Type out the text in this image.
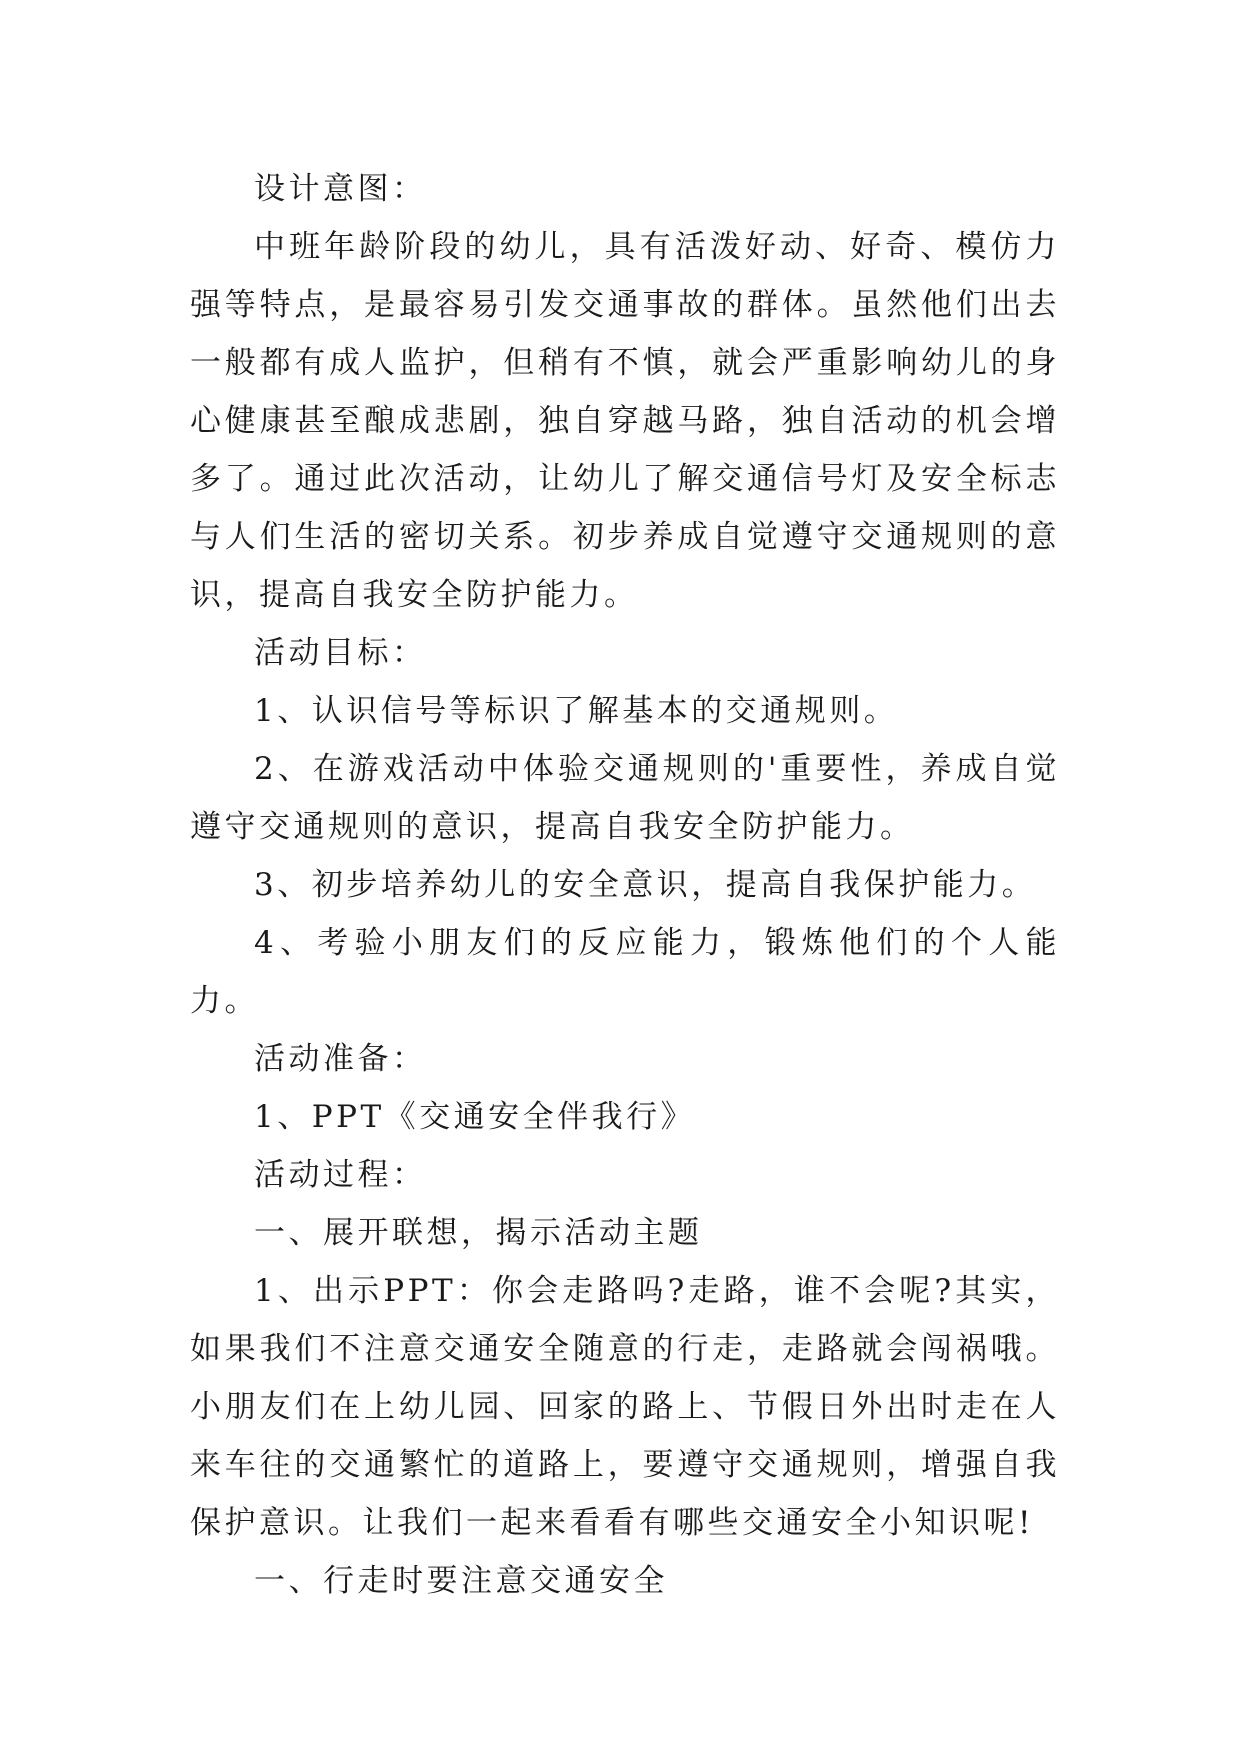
设计意图：

中班年龄阶段的幼儿，具有活泼好动、好奇、模仿力强等特点，是最容易引发交通事故的群体。虽然他们出去一般都有成人监护，但稍有不慎，就会严重影响幼儿的身心健康甚至酿成悲剧，独自穿越马路，独自活动的机会增多了。通过此次活动，让幼儿了解交通信号灯及安全标志与人们生活的密切关系。初步养成自觉遵守交通规则的意识，提高自我安全防护能力。

活动目标：

1、认识信号等标识了解基本的交通规则。

2、在游戏活动中体验交通规则的'重要性，养成自觉遵守交通规则的意识，提高自我安全防护能力。

3、初步培养幼儿的安全意识，提高自我保护能力。

4、考验小朋友们的反应能力，锻炼他们的个人能力。

活动准备：

1、PPT《交通安全伴我行》

活动过程：

一、展开联想，揭示活动主题

1、出示PPT：你会走路吗?走路，谁不会呢?其实，如果我们不注意交通安全随意的行走，走路就会闯祸哦。小朋友们在上幼儿园、回家的路上、节假日外出时走在人来车往的交通繁忙的道路上，要遵守交通规则，增强自我保护意识。让我们一起来看看有哪些交通安全小知识呢!

一、行走时要注意交通安全
